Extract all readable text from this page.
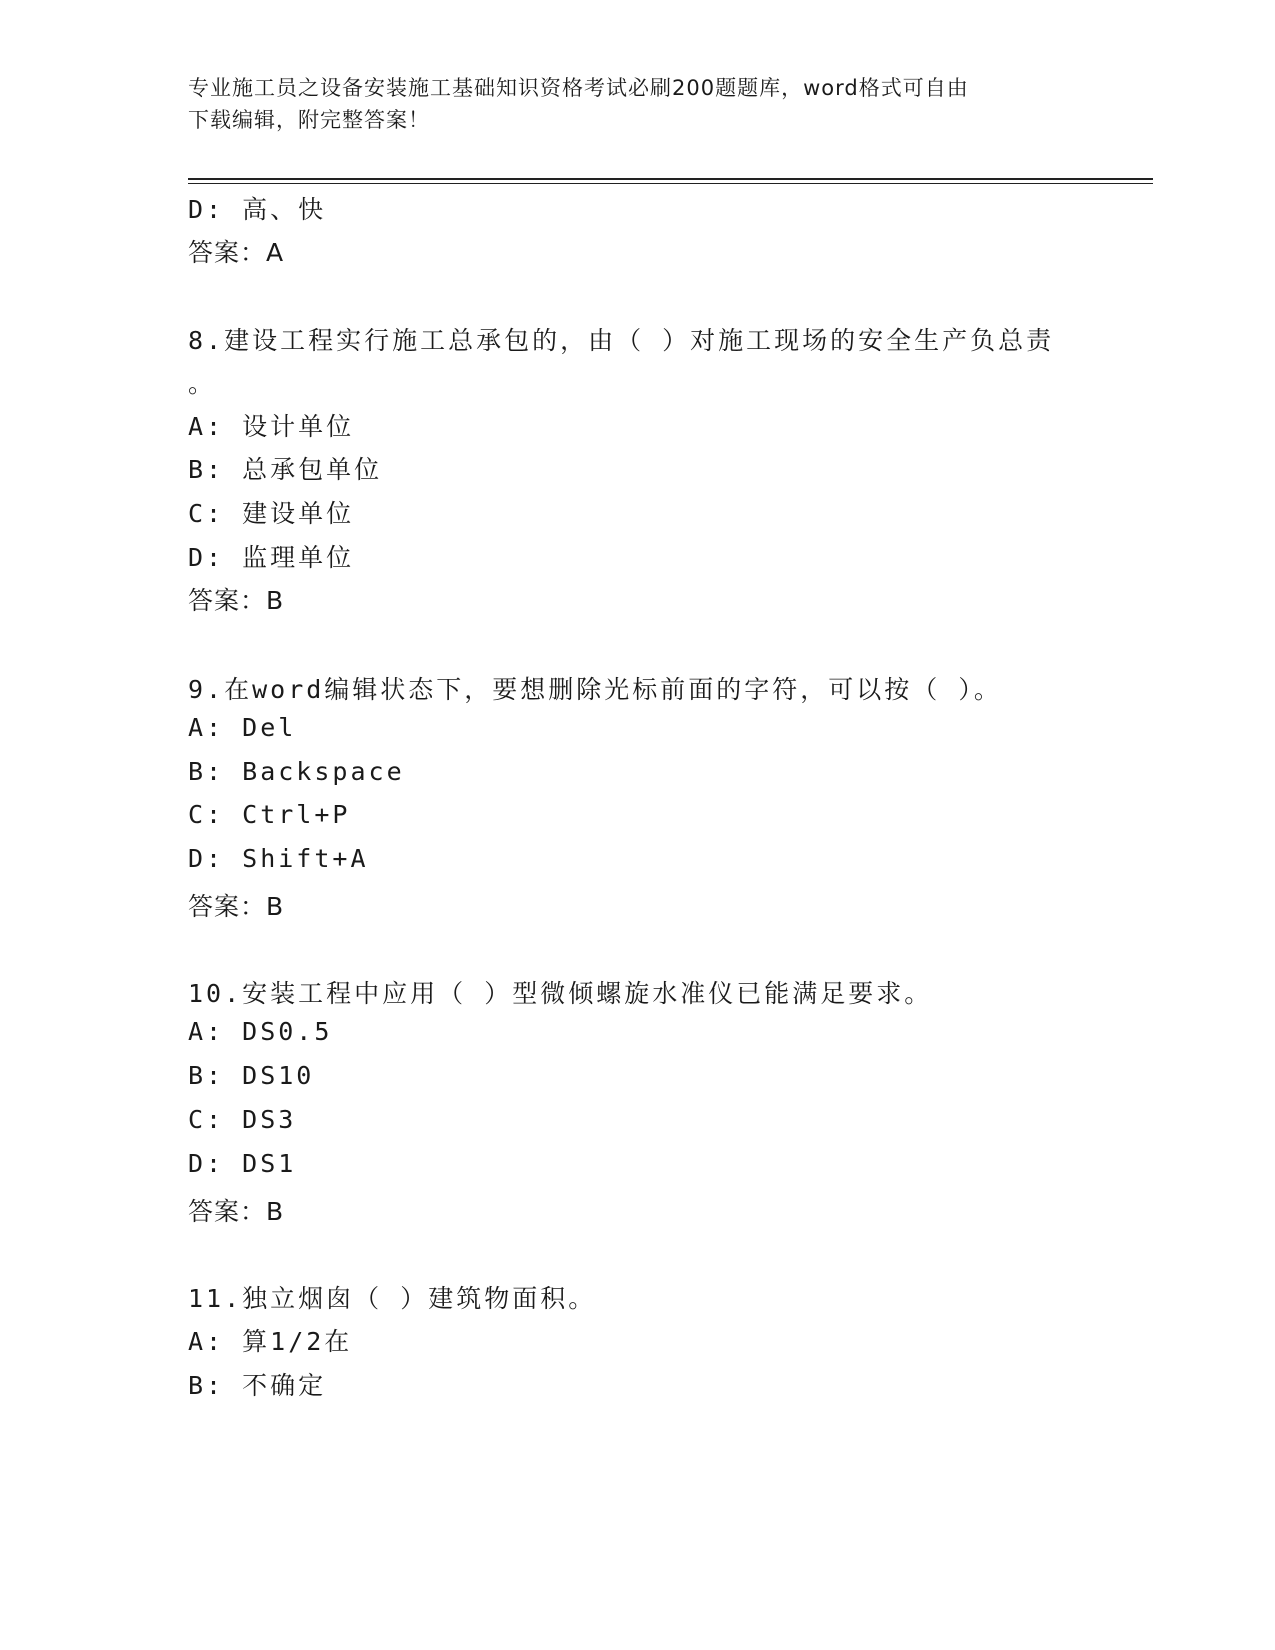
专业施工员之设备安装施工基础知识资格考试必刷200题题库，word格式可自由
下载编辑，附完整答案！
D: 高、快
答案：A
8.建设工程实行施工总承包的，由（ ）对施工现场的安全生产负总责
。
A: 设计单位
B: 总承包单位
C: 建设单位
D: 监理单位
答案：B
9.在word编辑状态下，要想删除光标前面的字符，可以按（ ）。
A: Del
B: Backspace
C: Ctrl+P
D: Shift+A
答案：B
10.安装工程中应用（ ）型微倾螺旋水准仪已能满足要求。
A: DS0.5
B: DS10
C: DS3
D: DS1
答案：B
11.独立烟囱（ ）建筑物面积。
A: 算1/2在
B: 不确定
